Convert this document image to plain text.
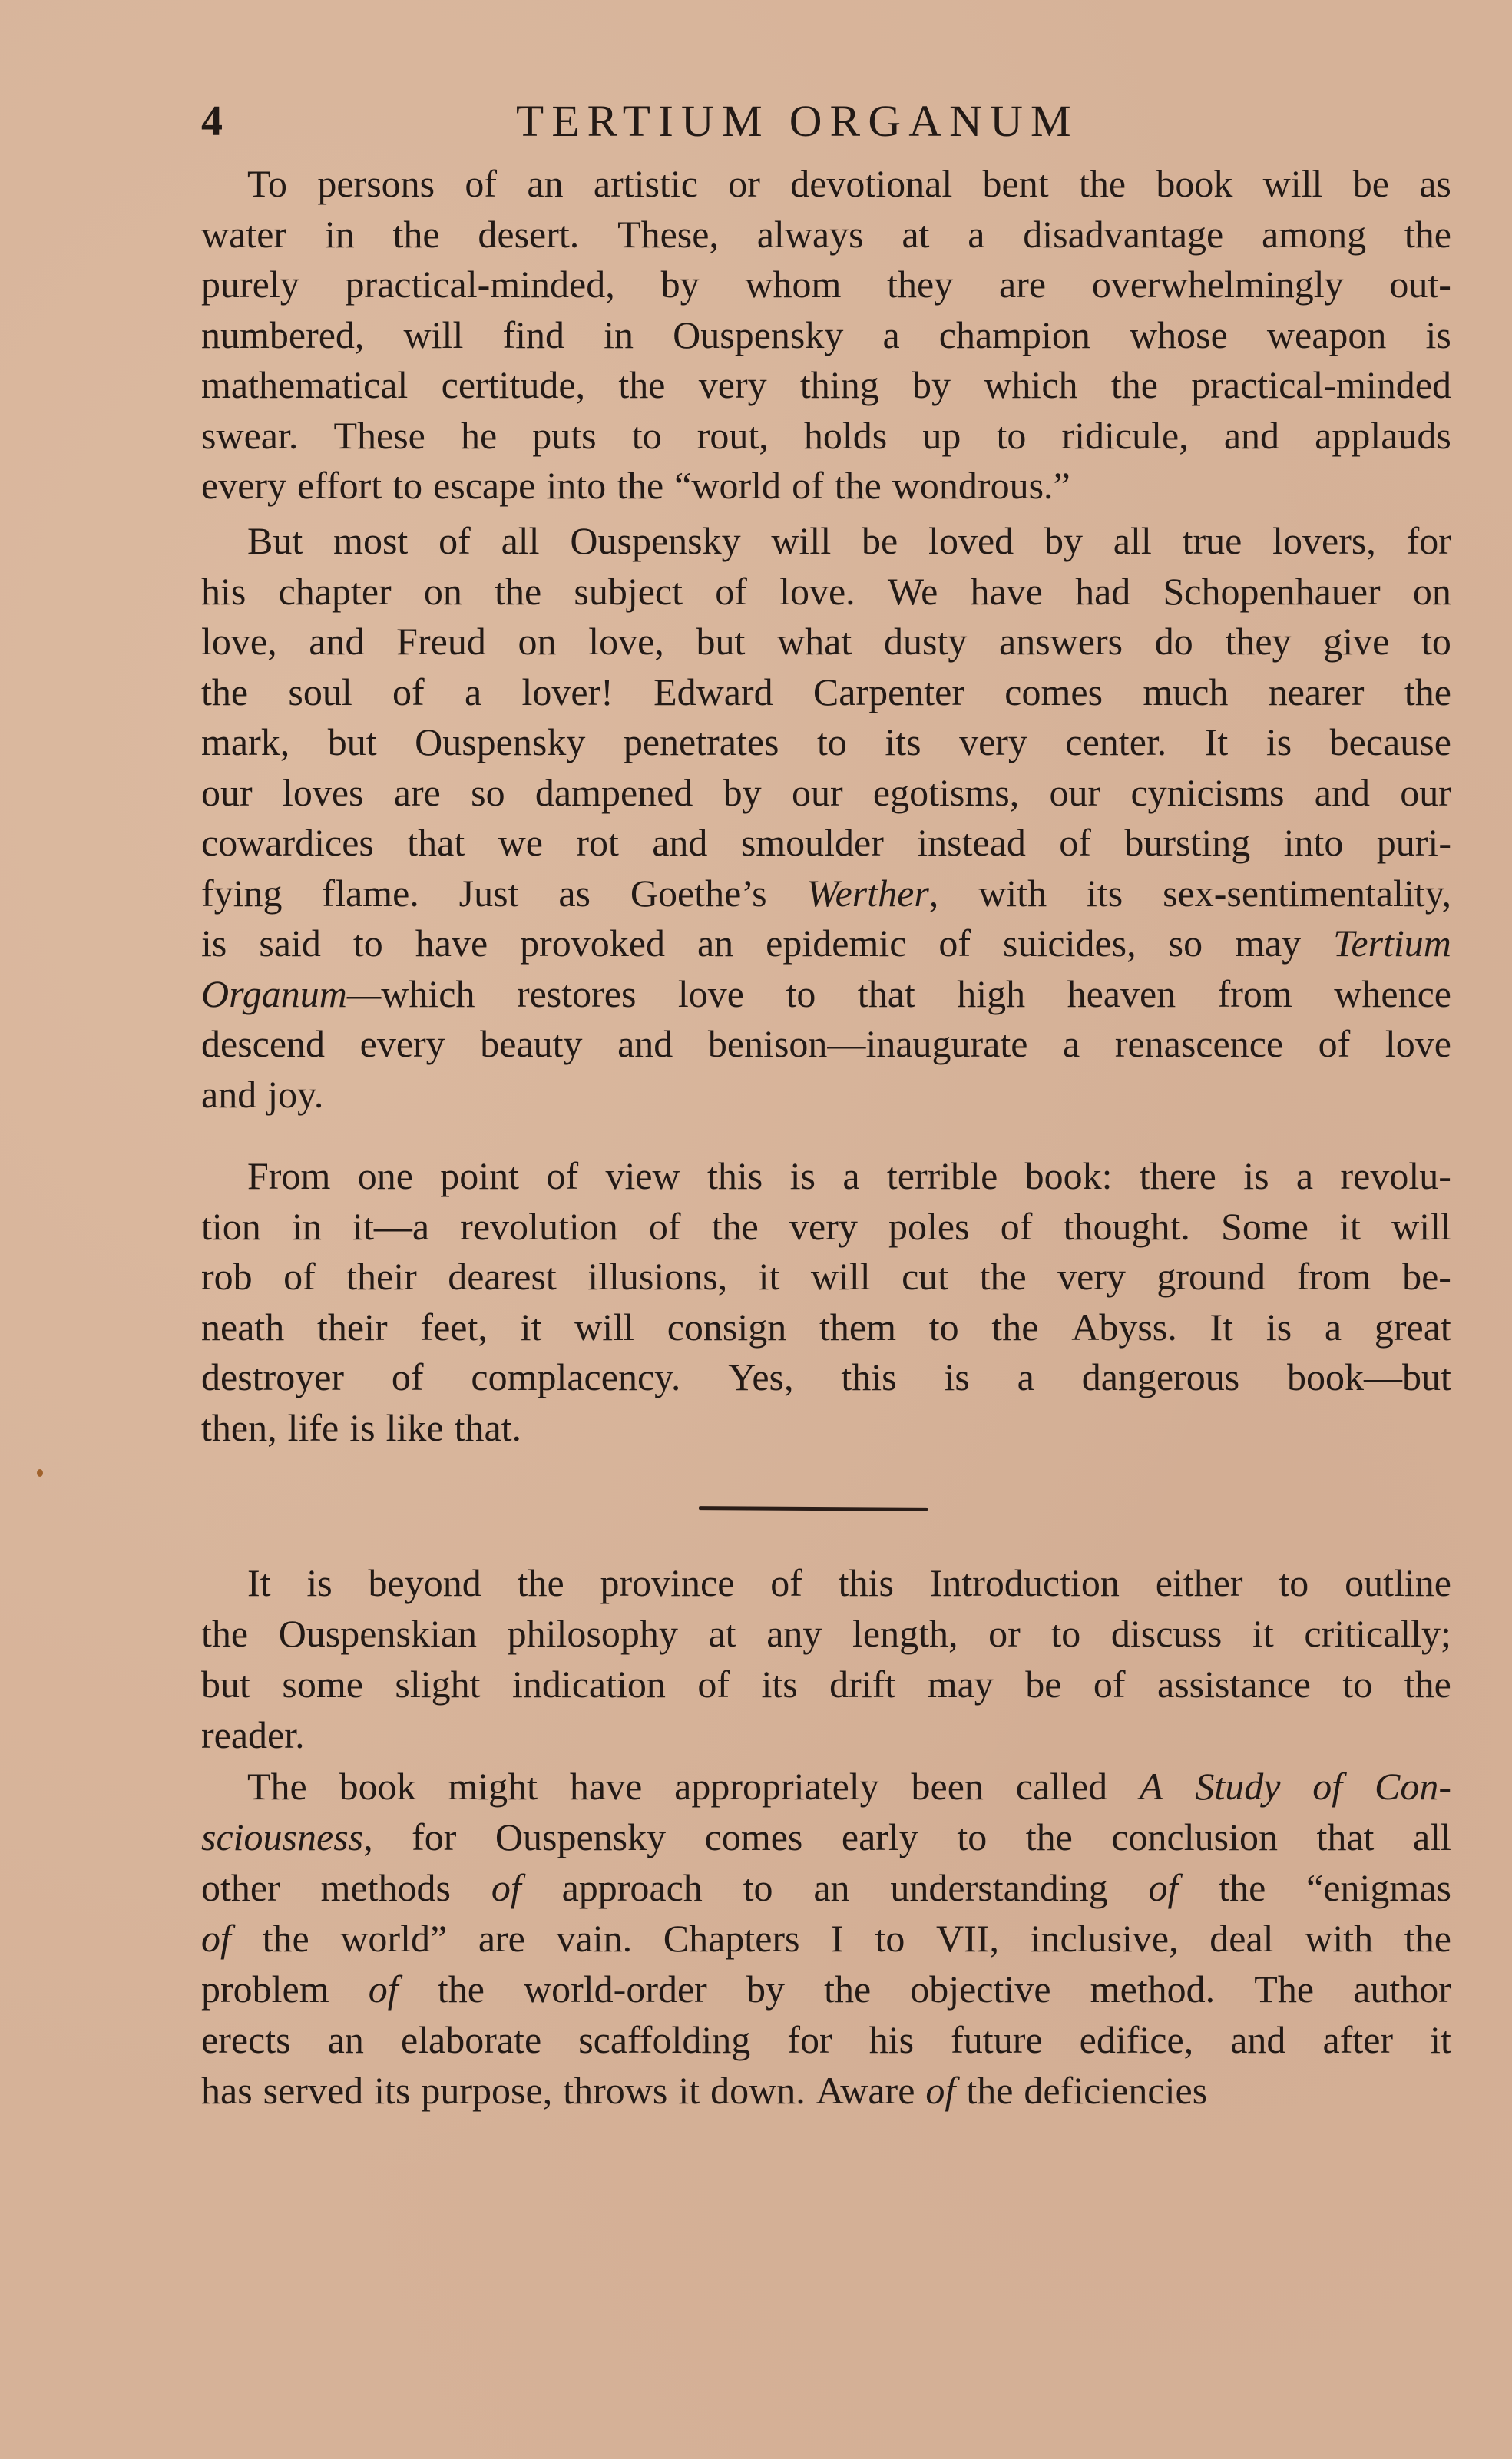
4	TERTIUM ORGANUM
To persons of an artistic or devotional bent the book will be as
water in the desert. These, always at a disadvantage among the
purely practical-minded, by whom they are overwhelmingly out-
numbered, will find in Ouspensky a champion whose weapon is
mathematical certitude, the very thing by which the practical-minded
swear. These he puts to rout, holds up to ridicule, and applauds
every effort to escape into the “world of the wondrous.”
But most of all Ouspensky will be loved by all true lovers, for
his chapter on the subject of love. We have had Schopenhauer on
love, and Freud on love, but what dusty answers do they give to
the soul of a lover! Edward Carpenter comes much nearer the
mark, but Ouspensky penetrates to its very center. It is because
our loves are so dampened by our egotisms, our cynicisms and our
cowardices that we rot and smoulder instead of bursting into puri-
fying flame. Just as Goethe’s Werther, with its sex-sentimentality,
is said to have provoked an epidemic of suicides, so may Tertium
Organum—which restores love to that high heaven from whence
descend every beauty and benison—inaugurate a renascence of love
and joy.
From one point of view this is a terrible book: there is a revolu-
tion in it—a revolution of the very poles of thought. Some it will
rob of their dearest illusions, it will cut the very ground from be-
neath their feet, it will consign them to the Abyss. It is a great
destroyer of complacency. Yes, this is a dangerous book—but
then, life is like that.
It is beyond the province of this Introduction either to outline
the Ouspenskian philosophy at any length, or to discuss it critically;
but some slight indication of its drift may be of assistance to the
reader.
The book might have appropriately been called A Study of Con-
sciousness, for Ouspensky comes early to the conclusion that all
other methods of approach to an understanding of the “enigmas
of the world” are vain. Chapters I to VII, inclusive, deal with the
problem of the world-order by the objective method. The author
erects an elaborate scaffolding for his future edifice, and after it
has served its purpose, throws it down. Aware of the deficiencies
